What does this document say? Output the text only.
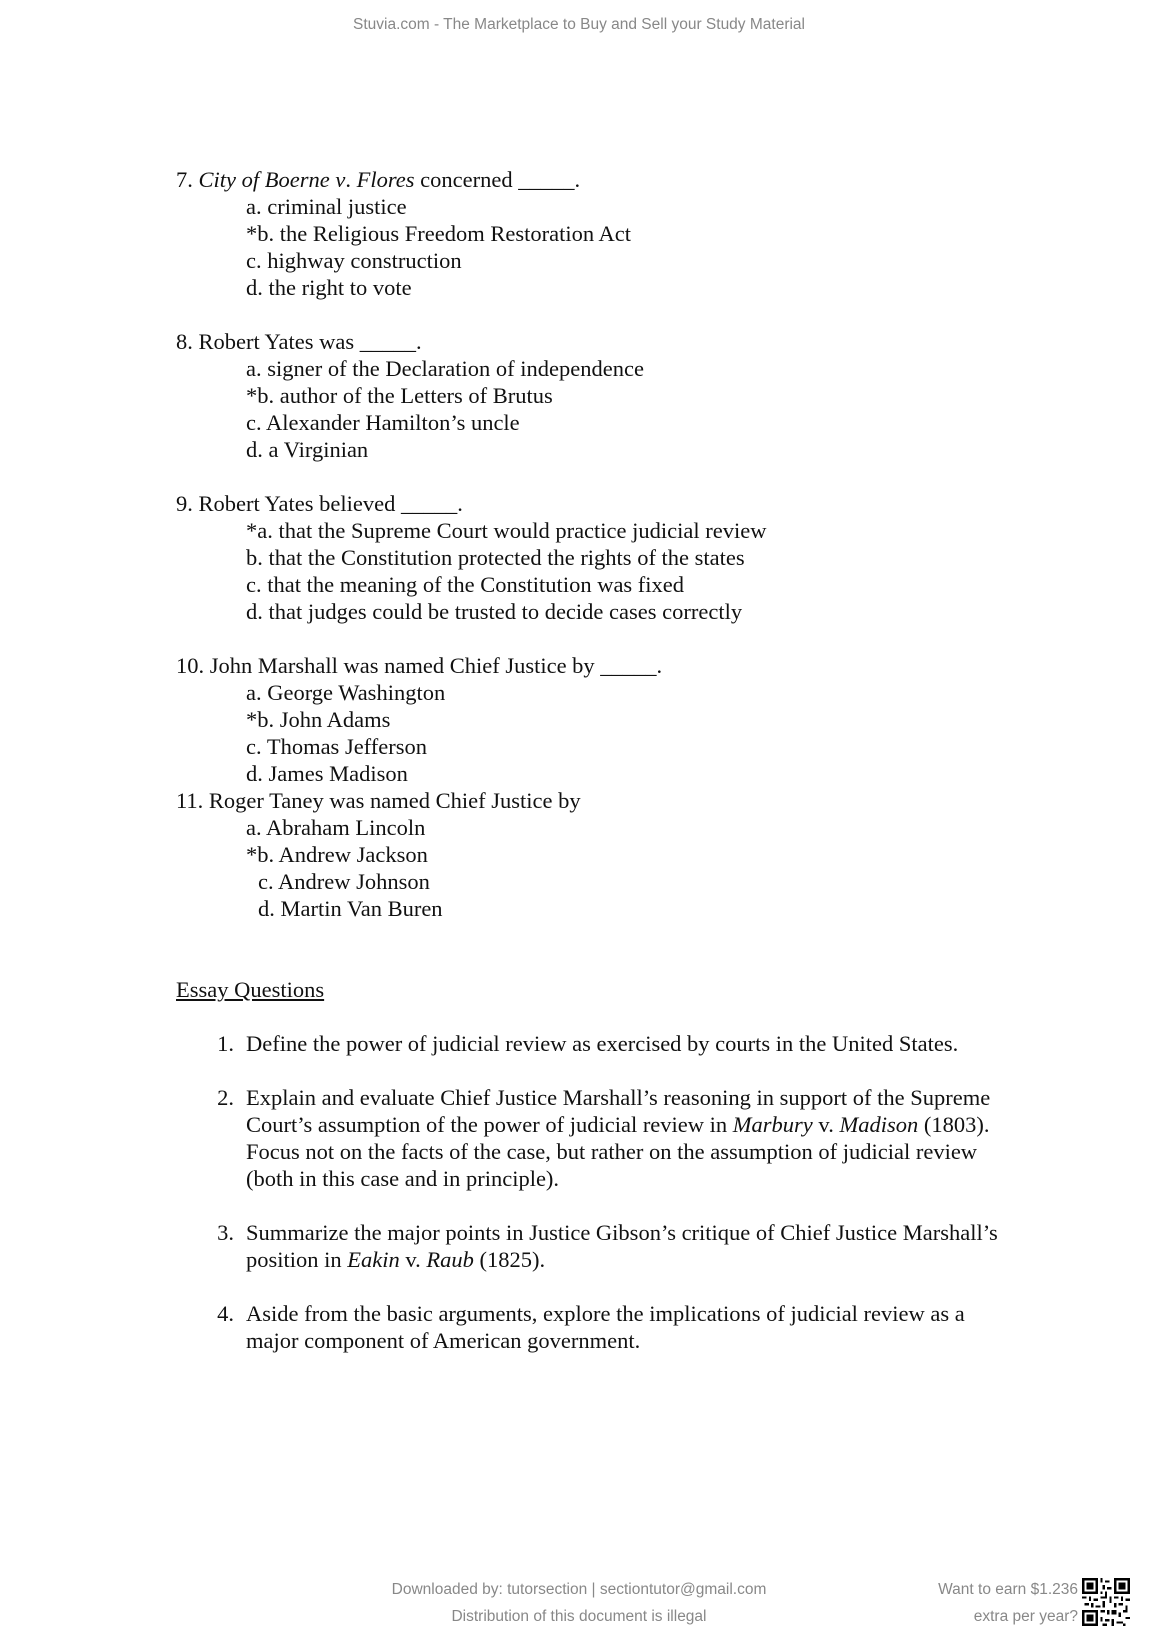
Stuvia.com - The Marketplace to Buy and Sell your Study Material
7. City of Boerne v. Flores concerned _____.
a. criminal justice
*b. the Religious Freedom Restoration Act
c. highway construction
d. the right to vote
8. Robert Yates was _____.
a. signer of the Declaration of independence
*b. author of the Letters of Brutus
c. Alexander Hamilton’s uncle
d. a Virginian
9. Robert Yates believed _____.
*a. that the Supreme Court would practice judicial review
b. that the Constitution protected the rights of the states
c. that the meaning of the Constitution was fixed
d. that judges could be trusted to decide cases correctly
10. John Marshall was named Chief Justice by _____.
a. George Washington
*b. John Adams
c. Thomas Jefferson
d. James Madison
11. Roger Taney was named Chief Justice by
a. Abraham Lincoln
*b. Andrew Jackson
c. Andrew Johnson
d. Martin Van Buren
Essay Questions
1. Define the power of judicial review as exercised by courts in the United States.
2. Explain and evaluate Chief Justice Marshall’s reasoning in support of the Supreme Court’s assumption of the power of judicial review in Marbury v. Madison (1803). Focus not on the facts of the case, but rather on the assumption of judicial review (both in this case and in principle).
3. Summarize the major points in Justice Gibson’s critique of Chief Justice Marshall’s position in Eakin v. Raub (1825).
4. Aside from the basic arguments, explore the implications of judicial review as a major component of American government.
Downloaded by: tutorsection | sectiontutor@gmail.com
Distribution of this document is illegal
Want to earn $1.236
extra per year?
